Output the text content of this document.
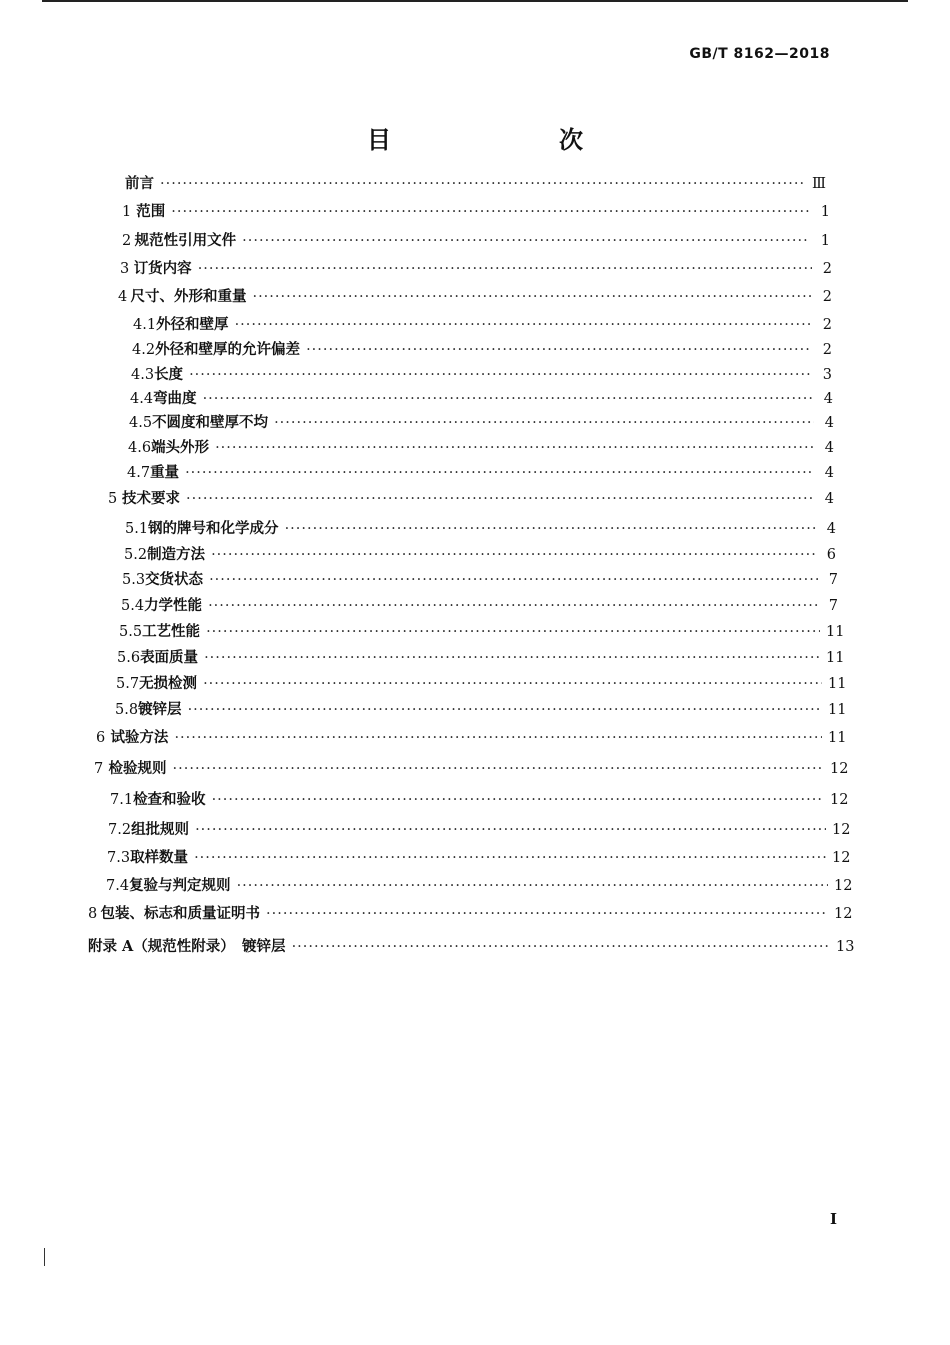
GB/T 8162—2018
目　　次
前言 ·····	Ⅲ
1 范围 ·····	1
2 规范性引用文件 ·····	1
3 订货内容 ·····	2
4 尺寸、外形和重量 ·····	2
4.1 外径和壁厚 ·····	2
4.2 外径和壁厚的允许偏差 ·····	2
4.3 长度 ·····	3
4.4 弯曲度 ·····	4
4.5 不圆度和壁厚不均 ·····	4
4.6 端头外形 ·····	4
4.7 重量 ·····	4
5 技术要求 ·····	4
5.1 钢的牌号和化学成分 ·····	4
5.2 制造方法 ·····	6
5.3 交货状态 ·····	7
5.4 力学性能 ·····	7
5.5 工艺性能 ·····	11
5.6 表面质量 ·····	11
5.7 无损检测 ·····	11
5.8 镀锌层 ·····	11
6 试验方法 ·····	11
7 检验规则 ·····	12
7.1 检查和验收 ·····	12
7.2 组批规则 ·····	12
7.3 取样数量 ·····	12
7.4 复验与判定规则 ·····	12
8 包装、标志和质量证明书 ·····	12
附录 A（规范性附录）　镀锌层 ·····	13
I
